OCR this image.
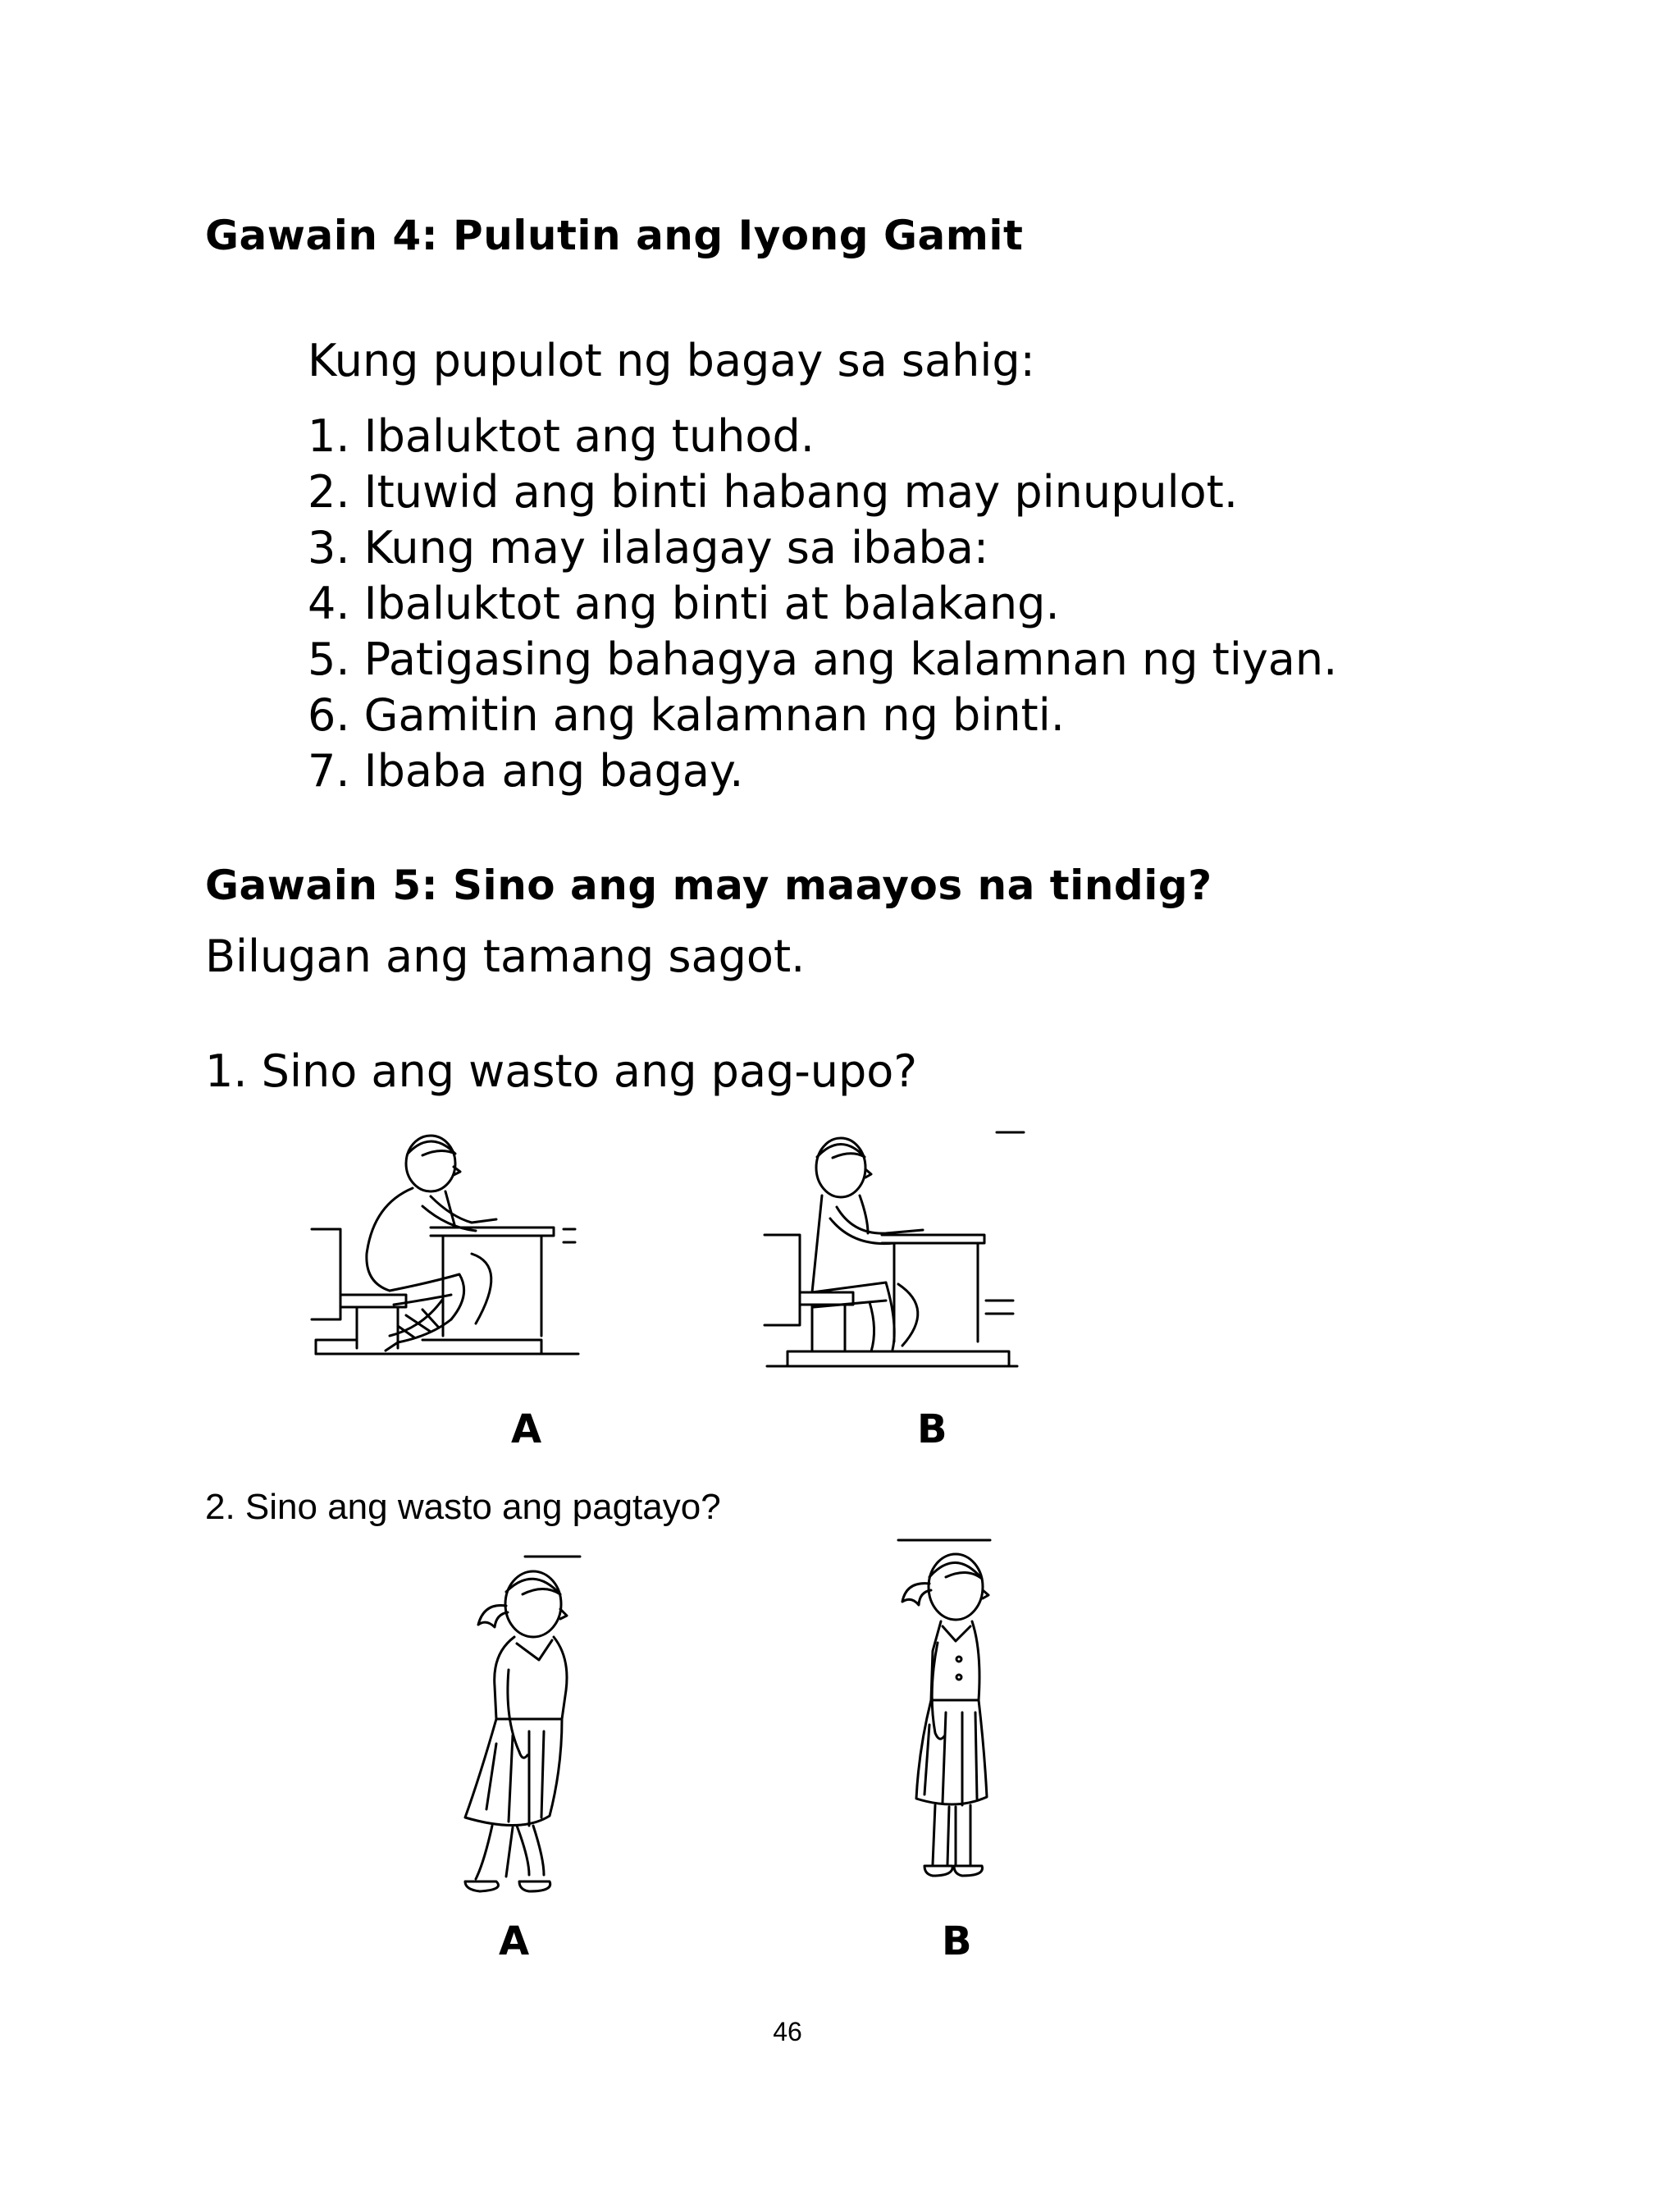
Gawain 4: Pulutin ang Iyong Gamit
Kung pupulot ng bagay sa sahig:
1. Ibaluktot ang tuhod.
2. Ituwid ang binti habang may pinupulot.
3. Kung may ilalagay sa ibaba:
4. Ibaluktot ang binti at balakang.
5. Patigasing bahagya ang kalamnan ng tiyan.
6. Gamitin ang kalamnan ng binti.
7. Ibaba ang bagay.
Gawain 5: Sino ang may maayos na tindig?
Bilugan ang tamang sagot.
1. Sino ang wasto ang pag-upo?
A	B
2. Sino ang wasto ang pagtayo?
A	B
46
